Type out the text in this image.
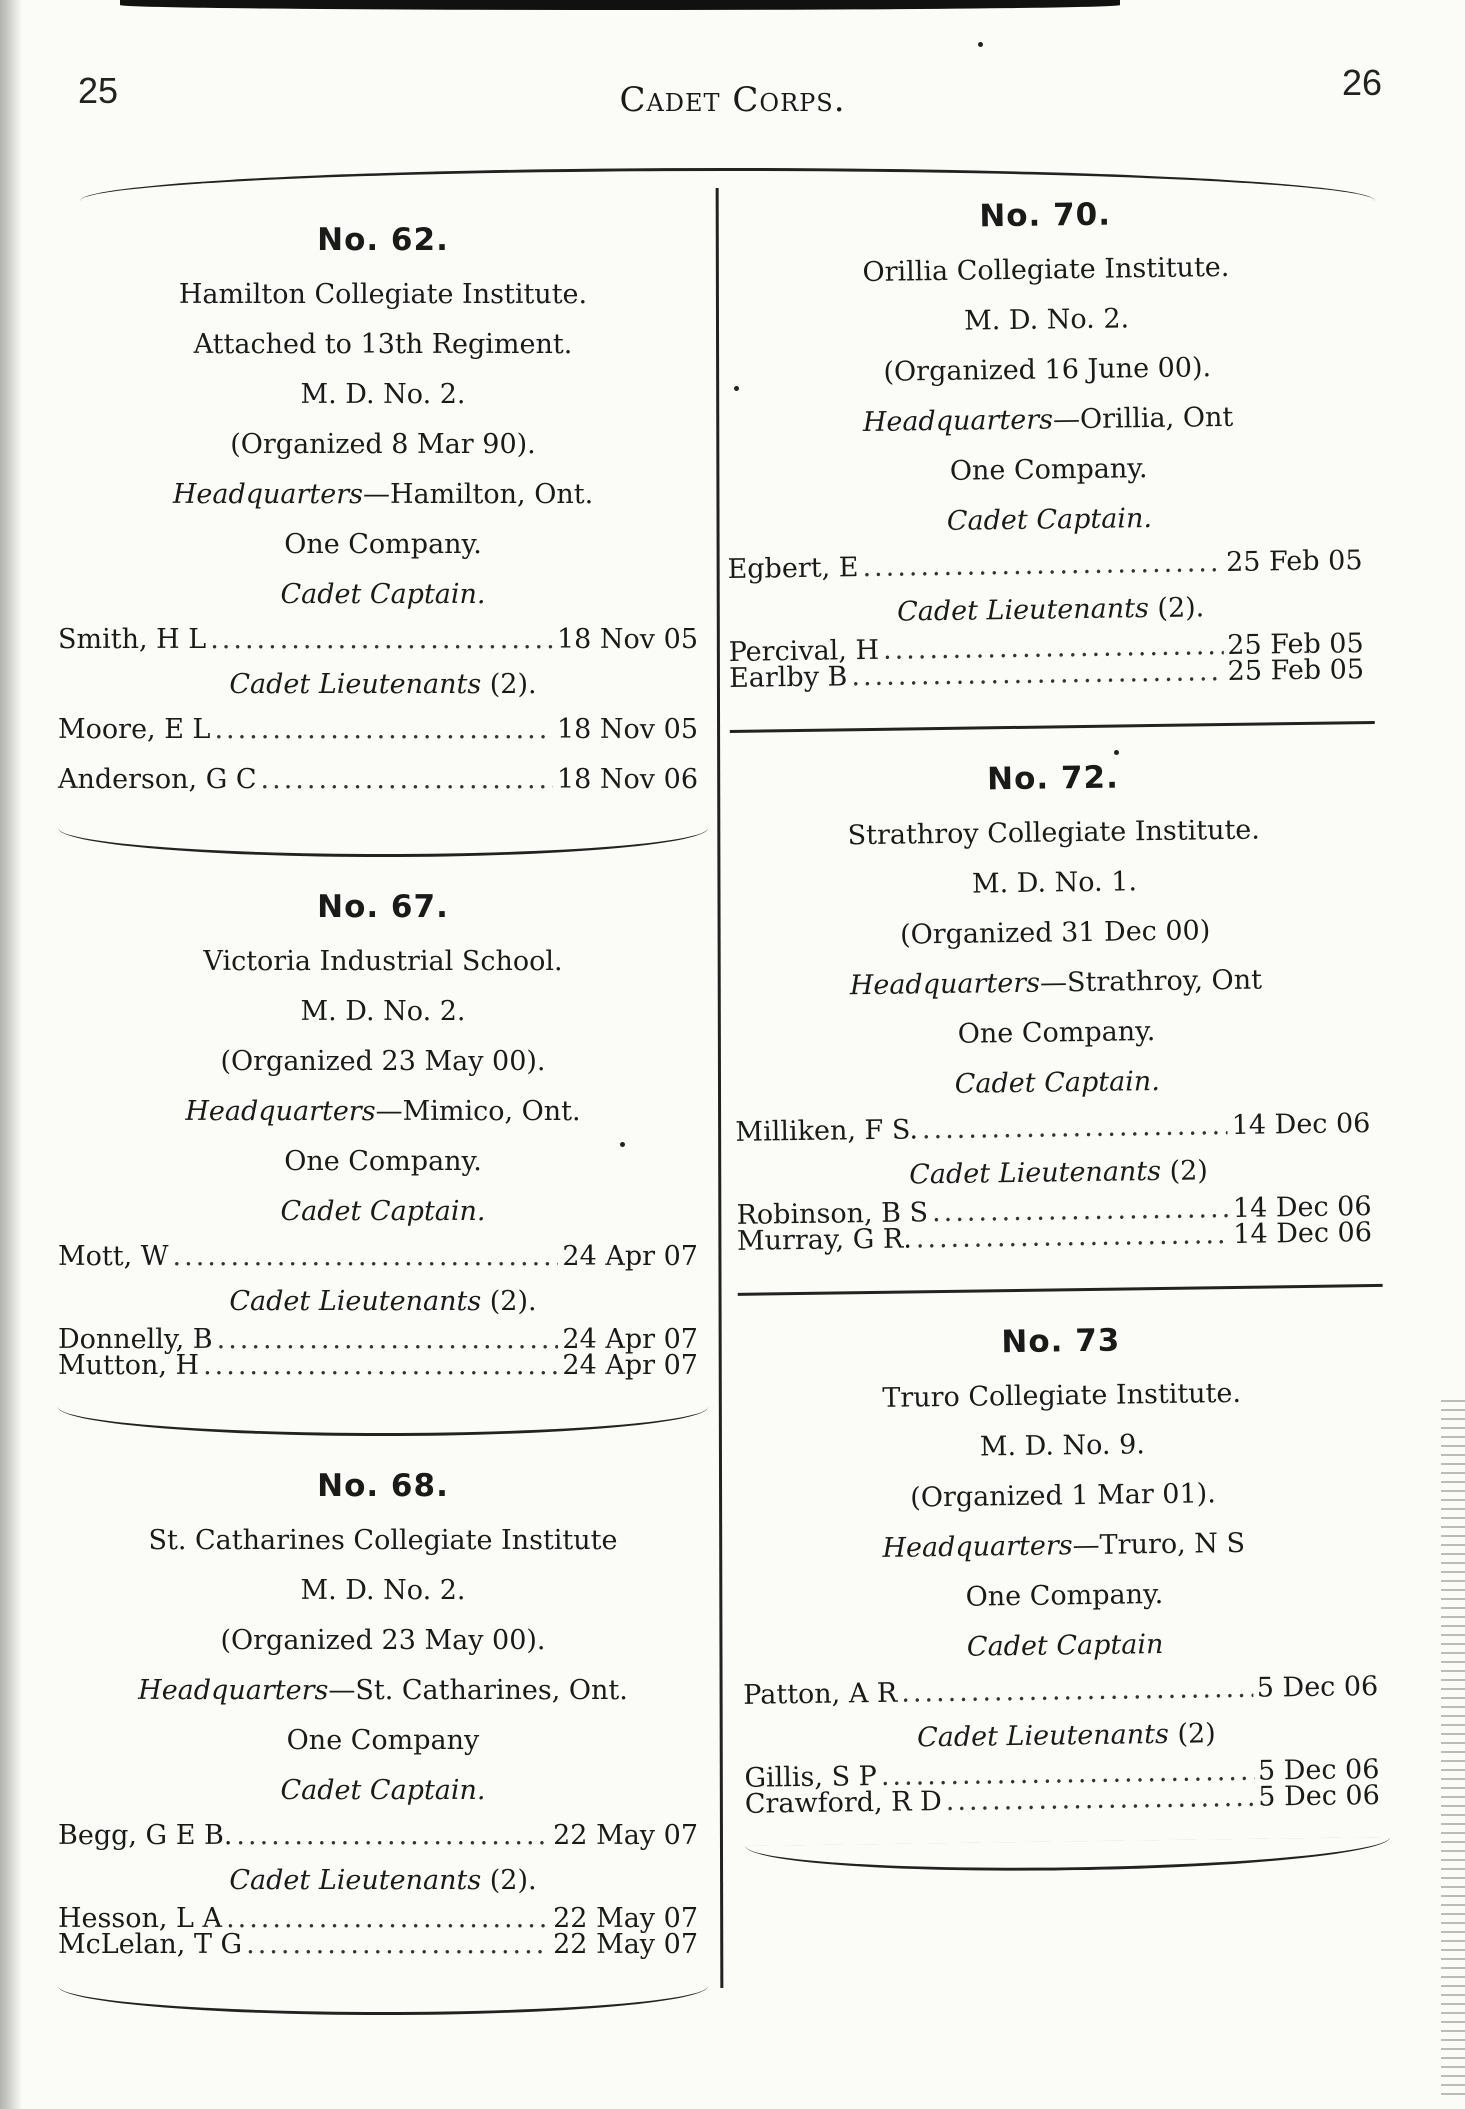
25	Cadet Corps.	26
No. 62.
Hamilton Collegiate Institute.
Attached to 13th Regiment.
M. D. No. 2.
(Organized 8 Mar 90).
Headquarters—Hamilton, Ont.
One Company.
Cadet Captain.
Smith, H L .....	18 Nov 05
Cadet Lieutenants (2).
Moore, E L .....	18 Nov 05
Anderson, G C .....	18 Nov 06
No. 67.
Victoria Industrial School.
M. D. No. 2.
(Organized 23 May 00).
Headquarters—Mimico, Ont.
One Company.
Cadet Captain.
Mott, W .....	24 Apr 07
Cadet Lieutenants (2).
Donnelly, B .....	24 Apr 07
Mutton, H .....	24 Apr 07
No. 68.
St. Catharines Collegiate Institute
M. D. No. 2.
(Organized 23 May 00).
Headquarters—St. Catharines, Ont.
One Company
Cadet Captain.
Begg, G E B. .....	22 May 07
Cadet Lieutenants (2).
Hesson, L A .....	22 May 07
McLelan, T G .....	22 May 07
No. 70.
Orillia Collegiate Institute.
M. D. No. 2.
(Organized 16 June 00).
Headquarters—Orillia, Ont
One Company.
Cadet Captain.
Egbert, E .....	25 Feb 05
Cadet Lieutenants (2).
Percival, H .....	25 Feb 05
Earlby B .....	25 Feb 05
No. 72.
Strathroy Collegiate Institute.
M. D. No. 1.
(Organized 31 Dec 00)
Headquarters—Strathroy, Ont
One Company.
Cadet Captain.
Milliken, F S. .....	14 Dec 06
Cadet Lieutenants (2)
Robinson, B S .....	14 Dec 06
Murray, G R. .....	14 Dec 06
No. 73
Truro Collegiate Institute.
M. D. No. 9.
(Organized 1 Mar 01).
Headquarters—Truro, N S
One Company.
Cadet Captain
Patton, A R .....	5 Dec 06
Cadet Lieutenants (2)
Gillis, S P .....	5 Dec 06
Crawford, R D .....	5 Dec 06
